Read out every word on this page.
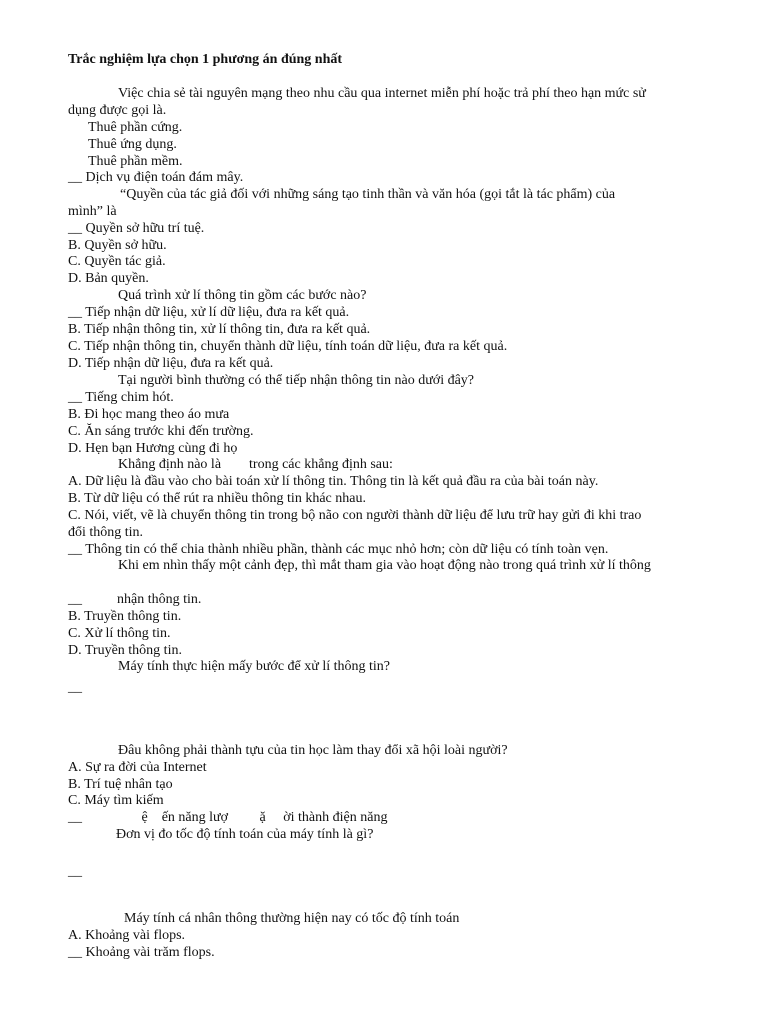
Trắc nghiệm lựa chọn 1 phương án đúng nhất
Việc chia sẻ tài nguyên mạng theo nhu cầu qua internet miễn phí hoặc trả phí theo hạn mức sử
dụng được gọi là.
Thuê phần cứng.
Thuê ứng dụng.
Thuê phần mềm.
__ Dịch vụ điện toán đám mây.
“Quyền của tác giả đối với những sáng tạo tinh thần và văn hóa (gọi tắt là tác phẩm) của
mình” là
__ Quyền sở hữu trí tuệ.
B. Quyền sở hữu.
C. Quyền tác giả.
D. Bản quyền.
Quá trình xử lí thông tin gồm các bước nào?
__ Tiếp nhận dữ liệu, xử lí dữ liệu, đưa ra kết quả.
B. Tiếp nhận thông tin, xử lí thông tin, đưa ra kết quả.
C. Tiếp nhận thông tin, chuyển thành dữ liệu, tính toán dữ liệu, đưa ra kết quả.
D. Tiếp nhận dữ liệu, đưa ra kết quả.
Tại người bình thường có thể tiếp nhận thông tin nào dưới đây?
__ Tiếng chim hót.
B. Đi học mang theo áo mưa
C. Ăn sáng trước khi đến trường.
D. Hẹn bạn Hương cùng đi họ
Khẳng định nào là        trong các khẳng định sau:
A. Dữ liệu là đầu vào cho bài toán xử lí thông tin. Thông tin là kết quả đầu ra của bài toán này.
B. Từ dữ liệu có thể rút ra nhiều thông tin khác nhau.
C. Nói, viết, vẽ là chuyển thông tin trong bộ não con người thành dữ liệu để lưu trữ hay gửi đi khi trao
đổi thông tin.
__ Thông tin có thể chia thành nhiều phần, thành các mục nhỏ hơn; còn dữ liệu có tính toàn vẹn.
Khi em nhìn thấy một cảnh đẹp, thì mắt tham gia vào hoạt động nào trong quá trình xử lí thông
__          nhận thông tin.
B. Truyền thông tin.
C. Xử lí thông tin.
D. Truyền thông tin.
Máy tính thực hiện mấy bước để xử lí thông tin?
__
Đâu không phải thành tựu của tin học làm thay đổi xã hội loài người?
A. Sự ra đời của Internet
B. Trí tuệ nhân tạo
C. Máy tìm kiếm
__                 ệ    ến năng lượ         ặ     ời thành điện năng
Đơn vị đo tốc độ tính toán của máy tính là gì?
__
Máy tính cá nhân thông thường hiện nay có tốc độ tính toán
A. Khoảng vài flops.
__ Khoảng vài trăm flops.
